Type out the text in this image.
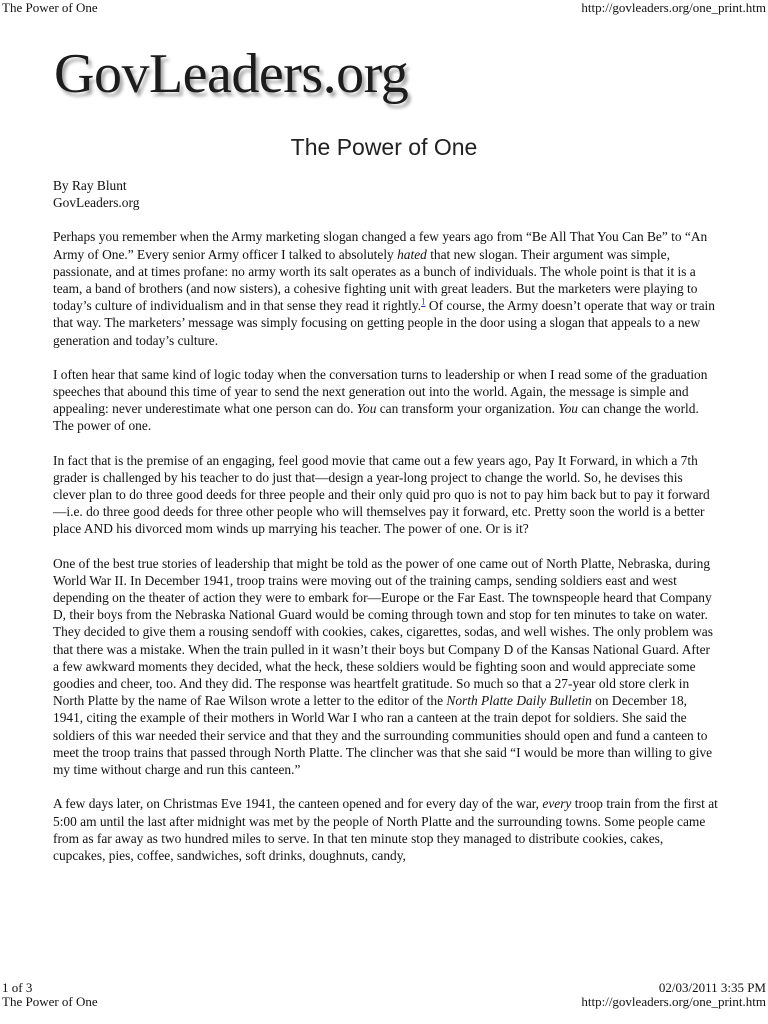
The Power of One	http://govleaders.org/one_print.htm
GovLeaders.org
The Power of One
By Ray Blunt
GovLeaders.org

Perhaps you remember when the Army marketing slogan changed a few years ago from “Be All That You Can Be” to “An Army of One.” Every senior Army officer I talked to absolutely hated that new slogan. Their argument was simple, passionate, and at times profane: no army worth its salt operates as a bunch of individuals. The whole point is that it is a team, a band of brothers (and now sisters), a cohesive fighting unit with great leaders. But the marketers were playing to today’s culture of individualism and in that sense they read it rightly.$^1$ Of course, the Army doesn’t operate that way or train that way. The marketers’ message was simply focusing on getting people in the door using a slogan that appeals to a new generation and today’s culture.

I often hear that same kind of logic today when the conversation turns to leadership or when I read some of the graduation speeches that abound this time of year to send the next generation out into the world. Again, the message is simple and appealing: never underestimate what one person can do. You can transform your organization. You can change the world. The power of one.

In fact that is the premise of an engaging, feel good movie that came out a few years ago, Pay It Forward, in which a 7th grader is challenged by his teacher to do just that—design a year-long project to change the world. So, he devises this clever plan to do three good deeds for three people and their only quid pro quo is not to pay him back but to pay it forward—i.e. do three good deeds for three other people who will themselves pay it forward, etc. Pretty soon the world is a better place AND his divorced mom winds up marrying his teacher. The power of one. Or is it?

One of the best true stories of leadership that might be told as the power of one came out of North Platte, Nebraska, during World War II. In December 1941, troop trains were moving out of the training camps, sending soldiers east and west depending on the theater of action they were to embark for—Europe or the Far East. The townspeople heard that Company D, their boys from the Nebraska National Guard would be coming through town and stop for ten minutes to take on water. They decided to give them a rousing sendoff with cookies, cakes, cigarettes, sodas, and well wishes. The only problem was that there was a mistake. When the train pulled in it wasn’t their boys but Company D of the Kansas National Guard. After a few awkward moments they decided, what the heck, these soldiers would be fighting soon and would appreciate some goodies and cheer, too. And they did. The response was heartfelt gratitude. So much so that a 27-year old store clerk in North Platte by the name of Rae Wilson wrote a letter to the editor of the North Platte Daily Bulletin on December 18, 1941, citing the example of their mothers in World War I who ran a canteen at the train depot for soldiers. She said the soldiers of this war needed their service and that they and the surrounding communities should open and fund a canteen to meet the troop trains that passed through North Platte. The clincher was that she said “I would be more than willing to give my time without charge and run this canteen.”

A few days later, on Christmas Eve 1941, the canteen opened and for every day of the war, every troop train from the first at 5:00 am until the last after midnight was met by the people of North Platte and the surrounding towns. Some people came from as far away as two hundred miles to serve. In that ten minute stop they managed to distribute cookies, cakes, cupcakes, pies, coffee, sandwiches, soft drinks, doughnuts, candy,

1 of 3
The Power of One
02/03/2011 3:35 PM
http://govleaders.org/one_print.htm
